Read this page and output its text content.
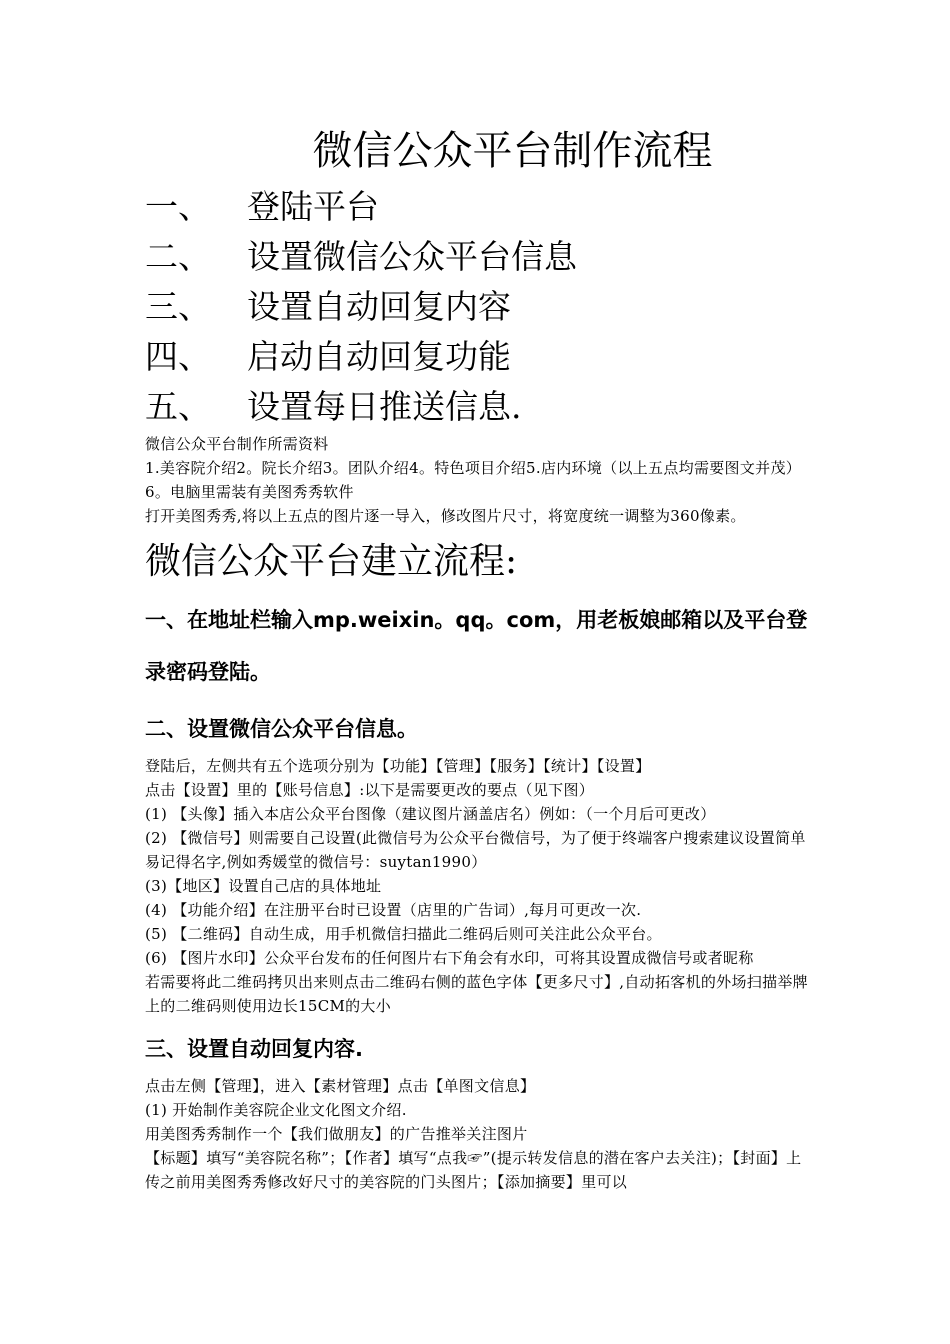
微信公众平台制作流程
一、	登陆平台
二、	设置微信公众平台信息
三、	设置自动回复内容
四、	启动自动回复功能
五、	设置每日推送信息.

微信公众平台制作所需资料

1.美容院介绍2。院长介绍3。团队介绍4。特色项目介绍5.店内环境（以上五点均需要图文并茂）

6。电脑里需装有美图秀秀软件

打开美图秀秀,将以上五点的图片逐一导入，修改图片尺寸，将宽度统一调整为360像素。

微信公众平台建立流程:

一、在地址栏输入mp.weixin。qq。com，用老板娘邮箱以及平台登录密码登陆。

二、设置微信公众平台信息。

登陆后，左侧共有五个选项分别为【功能】【管理】【服务】【统计】【设置】

点击【设置】里的【账号信息】:以下是需要更改的要点（见下图）

(1) 【头像】插入本店公众平台图像（建议图片涵盖店名）例如：（一个月后可更改）

(2) 【微信号】则需要自己设置(此微信号为公众平台微信号，为了便于终端客户搜索建议设置简单易记得名字,例如秀媛堂的微信号：suytan1990）

(3)【地区】设置自己店的具体地址

(4) 【功能介绍】在注册平台时已设置（店里的广告词）,每月可更改一次.

(5) 【二维码】自动生成，用手机微信扫描此二维码后则可关注此公众平台。

(6) 【图片水印】公众平台发布的任何图片右下角会有水印，可将其设置成微信号或者昵称

若需要将此二维码拷贝出来则点击二维码右侧的蓝色字体【更多尺寸】,自动拓客机的外场扫描举牌上的二维码则使用边长15CM的大小

三、设置自动回复内容.

点击左侧【管理】，进入【素材管理】点击【单图文信息】

(1) 开始制作美容院企业文化图文介绍.

用美图秀秀制作一个【我们做朋友】的广告推举关注图片

【标题】填写“美容院名称”；【作者】填写“点我☞”(提示转发信息的潜在客户去关注)；【封面】上传之前用美图秀秀修改好尺寸的美容院的门头图片；【添加摘要】里可以
